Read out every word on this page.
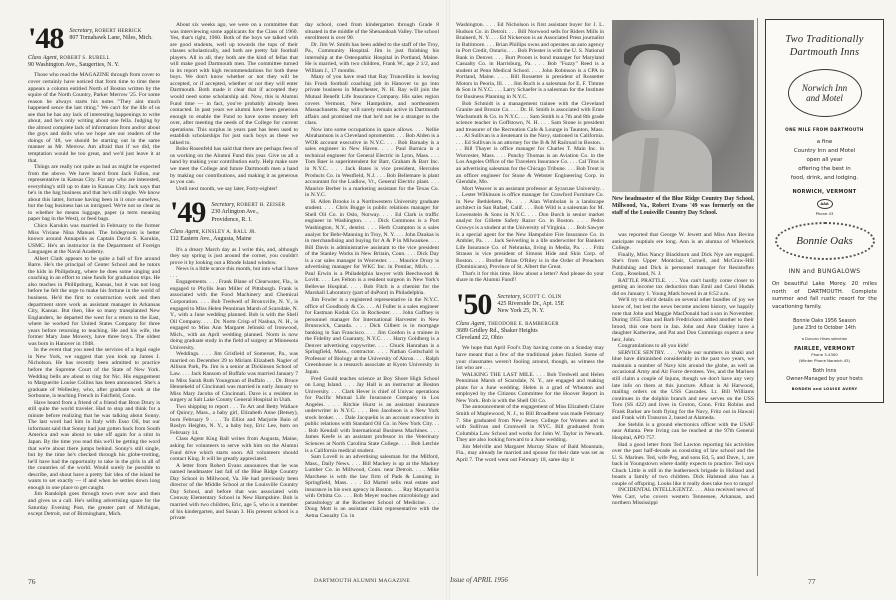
'48 Secretary, ROBERT HERRICK
807 Tomahawk Lane, Niles, Mich.
Class Agent, ROBERT S. RUBELL
90 Washington Ave., Saugerties, N. Y.

Those who read the MAGAZINE through from cover to cover certainly have noticed that from time to time there appears a column entitled North of Boston written by the squire of the North Country, Parker Merrow '25. For some reason he always starts his notes "They aint much happened sence the last riting." We can't for the life of us see that he has any lack of interesting happenings to write about, and he's only writing about one fella. Judging by the almost complete lack of information from and/or about the guys and dolls who we hope are our readers of the doings of '48, we should be starting out in the same manner as Mr. Merrow. Am afraid that if we did, the temptation would be too great, and we'd just leave it at that.

Things are really not quite as bad as might be expected from the above. We have heard from Jack Fallon, our representative in Kansas City. For any who are interested, everything's still up to date in Kansas City. Jack says that he's in the bag business and that he's still single. We know about this latter, fortune having been in it once ourselves, but the bag business has us intrigued. We're not so clear as to whether he means luggage, paper (a term meaning paper bag in the West), or feed bags.

Chico Karukin was married in February to the former Miss Viviane Nina Manuel. The bridegroom is better known around Annapolis as Captain David S. Karukin, USMC. He's an instructor in the Department of Foreign Languages at the Naval Academy.

Albert Clark appears to be quite a ball of fire around Barre. He's the principal of Center School and he tutors the kids in Philipsburg, where he does some singing and coaching in an effort to raise funds for graduation trips. He also teaches in Phillipsburg, Kansas, but it was not long before he felt the urge to make his fortune in the world of business. He'd the first to construction work and then department store work as assistant manager in Arkansas City, Kansas. But then, like so many transplanted New Englanders, he departed the west for a return to the East, where he worked for United States Company for three years before returning to teaching. He and his wife, the former Mary Jane Mowery, have three boys. The oldest was born in Hanover in 1948.

In the event that you need the services of a legal eagle in New York, we suggest that you look up James J. Nicholson. He has recently been admitted to practice before the Supreme Court of the State of New York. Wedding bells are about to ring for Nic. His engagement to Marguerite Louise Collins has been announced. She's a graduate of Wellesley, who, after graduate work at the Sorbonne, is teaching French in Fairfield, Conn.

Have heard from a friend of a friend that Bron Drury is still quite the world traveler. Had to stop and think for a minute before realizing that he was talking about Sonny. The last word had him in Italy with Esso Oil, but our informant said that Sonny had just gotten back from South America and was about to take off again for a stint in Japan. By the time you read this we'll be getting the word that we're about there jumps behind. Sonny's still single, but by the time he's checked through his globe-trotting, he'll have had the opportunity to take in the girls in all of the countries of the world. Would surely be possible to describe, and shout have a pretty fair idea of the island he wants to set exactly — if and when he settles down long enough in one place to get caught.

Jim Randolph goes through town ever now and then and gives us a call. He's selling advertising space for the Saturday Evening Post, the greater part of Michigan, except Detroit, out of Birmingham, Mich.

About six weeks ago, we were on a committee that was interviewing some applicants for the Class of 1960. Yes, that's right, 1960. Both of the boys we talked with are good students, well up towards the tops of their classes scholastically, and both are pretty fair football players. All in all, they both are the kind of fellas that will make good Dartmouth men. The committee turned in its report with high recommendations for both these boys. We don't know whether or not they will be accepted, or if accepted, whether or not they will enter Dartmouth. Both made it clear that if accepted they would need some scholarship aid. Now, this is Alumni Fund time — in fact, you've probably already been contacted. In past years we alumni have been generous enough to enable the Fund to have some money left over, after meeting the needs of the College for current operations. This surplus in years past has been used to establish scholarships for just such boys as these we talked to.

Bobo Rosenfeld has said that there are perhaps fees of us working on the Alumni Fund this year. Give us all a hand by making your contribution early. Help make sure we meet the College and future Dartmouth men a hand by making our contributions, and making it as generous as you can.

Until next month, we say later, Forty-eighter!

'49 Secretary, ROBERT H. ZEISER
230 Arlington Ave.,
Providence, R. I.
Class Agent, KINSLEY A. BALL JR.
112 Eastern Ave., Augusta, Maine

It's a dreary March day as I write this, and, although they say spring is just around the corner, you couldn't prove it by looking out a Rhode Island window.

News is a little scarce this month, but into what I have . . .

Engagements. . . . Frank Blane of Clearwater, Fla., is engaged to Phyllis Jean Miller of Pittsburgh. Frank is associated with the Food Machinery and Chemical Corporation. . . . Bob Tredwell of Bronxville, N. Y., is engaged to Miss Helen Penniman Marsh of Scarsdale, N. Y., with a June wedding planned. Bob is with the Shell Oil Company. . . . Dr. Norm Crisp of Nashua, N. H., is engaged to Miss Ann Margaret Jelinski of Ironwood, Mich., with an April wedding planned. Norm is now doing graduate study in the field of surgery at Minnesota University.

Weddings. . . . Jim Grisfield of Somerset, Pa., was married on December 29 to Miriam Elizabeth Nagler of Allison Park, Pa. Jim is a senior at Dickinson School of Law. . . . Jack Ransom of Buffalo was married January 7 to Miss Sarah Ruth Youngman of Buffalo . . . Dr. Bruce Hennekeld of Cincinnati was married in early January to Miss Mary Jacoba of Cincinnati. Dave is a resident in surgery at Salt Lake County General Hospital in Utah.

Two shipping to report . . . To Art and Betty Wallace of Quincy, Mass., a baby girl, Elizabeth Anne (Betsey), born February 9 . . . To Elliot and Marjorie Bain of Roslyn Heights, N. Y., a baby boy, Eric Lee, born on February 14.

Class Agent King Ball writes from Augusta, Maine, asking for volunteers to serve with him on the Alumni Fund drive which starts soon. All volunteers should contact King. It will be greatly appreciated.

A letter from Robert Evans announces that he was named headmaster last fall of the Blue Ridge Country Day School in Millwood, Va. He had previously been director of the Middle School at the Louisville Country Day School, and before that was associated with Conway Elementary School in New Hampshire. Bob is married with two children, Eric, age 5, who is a member of his kindergarten, and Susan 3. His present school is a private

day school, coed from kindergarten through Grade 8 situated in the middle of the Shenandoah Valley. The school enrollment is over 90.

Dr. Jim W. Smith has been added to the staff of the Troy, Pa., Community Hospital. Jim is just finishing his internship at the Osteopathic Hospital in Portland, Maine. He is married, with two children, Frank W., age 2 1/2, and William J., 17 months.

Many of you have read that Ray Truncellito is leaving his Frosh football coaching job in Hanover to go into private business in Manchester, N. H. Ray will join the Mutual Benefit Life Insurance Company. His sales region covers Vermont, New Hampshire, and northeastern Massachusetts. Ray will surely remain active in Dartmouth affairs and promised me that he'd not be a stranger to the class.

Now into some occupations in space allows. . . . Nellie Abrahamson is a Cleveland optometrist. . . . Bob Alden is a WOR account executive in N.Y.C. . . . Bob Barnaby is a sales engineer in New Haven. . . . Paul Barnica is a technical engineer for General Electric in Lynn, Mass. . . . Tom Baer is superintendent for Barr, Graham & Barr Inc. in N.Y.C. . . . Jack Bates is vice president, Hercules Products Co. in Westfield, N.J. . . . Bob Bellemare is plant accountant for the Ludlow, Vt., General Electric plant. . . . Maurice Berber is a marketing assistant for the Texas Co. in N.Y.C.

H. Allen Brooks is a Northwestern University graduate student. . . . Chris Bugge is public relations manager for Shell Oil Co. in Oslo, Norway. . . . Ed Clark is traffic engineer in Washington. . . . Dick Commons is a Port Washington, N.Y., dentist. . . . Herb Crampton is a sales analyst for Behr-Manning in Troy, N. Y. . . . John Daukas is in merchandising and buying for A & P in Milwaukee. . . . Bill Davis is administrative assistant to the vice president of the Stanley Works in New Britain, Conn. . . . Dick Day is a car sales manager in Worcester. . . . Maurice Drury is advertising manager for WKC Inc. in Pontiac, Mich. . . . Paul Erwin is a Philadelphia lawyer with Beechwood & Lovitt. . . . Les Felton is a resident surgeon in New York's Bellevue Hospital. . . . Bob Fitch is a chemist for the Marshall Laboratory (part of duPont) in Philadelphia.

Jim Fowler is a registered representative in the N.Y.C. office of Goodbody & Co. . . . Al Fuller is a sales engineer for Eastman Kodak Co. in Rochester. . . . John Gaffney is personnel manager for International Harvester in New Brunswick, Canada. . . . Dick Gilbert is in mortgage banking in San Francisco. . . . Jim Gordon is a trainee in the Fidelity and Guaranty, N.Y.C. . . . Harry Goldberg is a Denver advertising copywriter. . . . Chuck Hanrahan is a Springfield, Mass., contractor. . . . Nathan Gottschald is Professor of Biology at the University of Akron. . . . Ralph Greenhouse is a research associate at Kyoto University in Japan.

Fred Gould teaches science at Boy Shore High School on Long Island. . . . Jay Hall is an instructor at Boston University. . . . Clark Hever is chief of Univac operations for Pacific Mutual Life Insurance Company in Los Angeles. . . . Ritchie Hurst is an assistant insurance underwriter in N.Y.C. . . . Ben Jacobson is a New York stock broker. . . . Dale Jacquelin is an account executive in public relations with Standard Oil Co. in New York City. . . . Bob Kendall with International Business Machines. . . . James Keefe is an assistant professor in the Veterinary Sciences at North Carolina State College. . . . Bob Letchie is a California medical student.

Sam Lovell is an advertising salesman for the Milford, Mass., Daily News. . . . Bill Mackey is up at the Mackey Lumber Co. in Millwood, Conn. near Detroit. . . . Mike Marchese is with the law firm of Pads & Lanning in Springfield, Mass. . . . Ed Martel sells real estate and insurance in his own agency in Boston. . . . Ray Maynard is with Orbitta Co. . . . Bob Meyer teaches microbiology and parasitology at the Rochester School of Medicine. . . . Doug Mott is an assistant claim representative with the Aetna Casualty Co. in

76	DARTMOUTH ALUMNI MAGAZINE

Washington. . . . Ed Nicholson is first assistant buyer for J. L. Hudson Co. in Detroit. . . . Bill Norwood sells for Riders Mills in Brainerd, N. Y. . . . Ed Nickerson is an Associated Press journalist in Baltimore. . . . Brian Phillips owns and operates an auto agency in Port Credit, Ontario. . . . Bob Priester is with the U. S. National Bank in Denver. . . . Burt Proom is bond manager for Maryland Casualty Co. in Harrisburg, Pa. . . . Bob "Fuzzy" Reed is a student at Penn Medical School. . . . John Robinson is a CPA in Portland, Maine. . . . Bill Rossetter is president of Rossetter Motors in Peoria, Ill. . . . Jim Ruch is a salesman for E. F. Timme & Son in N.Y.C. . . . Larry Schaefer is a salesman for the Institute for Business Planning in N.Y.C.

Bob Schmidt is a management trainee with the Cleveland Granite and Bronze Co. . . . Dr. H. Smith is associated with Ernst Wachsmuth & Co. in N.Y.C. . . . Sam Smith is a 7th and 8th grade science teacher in Goffstown, N. H. . . . Sam Stone is president and treasurer of the Recreation Cafe & Lounge in Taunton, Mass. . . . Al Sullivan is a lieutenant in the Navy, stationed in California. . . . Ed Sullivan is an attorney for the B & M Railroad in Boston. . . . Bill Thayer is office manager for Charles T. Main Inc. in Worcester, Mass. . . . Puncky Thomas is an Aviation Co. in the Los Angeles Office of the Travelers Insurance Co. . . . Cal Titus is an advertising salesman for the Chicago Tribune. . . . Bob Trent is an officer engineer for Stone & Webster Engineering Corp. in Glendale, Mo.

Mort Weaver is an assistant professor at Syracuse University. . . . Lester Wilkinson is office manager for Crawford Furniture Co. in New Bethlehem, Pa. . . . Alan Wimbolan is a landscape architect in San Rafael, Calif. . . . Bob Wild is a salesman for M. Lowenstein & Sons in N.Y.C. . . . Don Burch is senior market analyst for Gillette Safety Razor Co. in Boston. . . . Pedro Gruwys is a student at the University of Virginia. . . . Bob Sawyer is a special agent for the New Hampshire Fire Insurance Co. in Ambler, Pa. . . . Jack Seiverling is a life underwriter for Bankers Life Insurance Co. of Nebraska, living in Media, Pa. . . . Fritz Strauss is vice president of Simons Hide and Skin Corp. of Boston. . . . Brother Brian O'Riley is in the Order of Preachers (Dominicans), Province of St. Albert the Great.

That's it for this time. How about a letter? And please do your share in the Alumni Fund!!

'50 Secretary, SCOTT C. OLIN
425 Riverside Dr., Apt. 15E
New York 25, N. Y.
Class Agent, THEODORE E. BAMBERGER
3689 Gridley Rd., Shaker Heights
Cleveland 22, Ohio

We hope that April Fool's Day having come on a Sunday may have meant that a few of the traditional jokes fizzled. Some of your classmates weren't fooling around, though, as witness the list who are . . .

WALKING THE LAST MILE. . . . Bob Tredwell and Helen Penniman Marsh of Scarsdale, N. Y., are engaged and making plans for a June wedding. Helen is a grad of Wheaton and employed by the Citizens Committee for the Hoover Report in New York. Bob is with the Shell Oil Co.

The announcement of the engagement of Miss Elizabeth Claire Smith of Maplewood, N. J., to Bill Broadbent was made February 7. She graduated from New Jersey College for Women and is with Sullivan and Cromwell in NYC. Bill graduated from Columbia Law School and works for John W. Taylor in Newark. They are also looking forward to a June wedding.

Jim Melville and Margaret Murray Shaw of Bald Mountain, Fla., may already be married and spouse for their date was set as April 7. The word went out February 18, same day it

New headmaster of the Blue Ridge Country Day School, Millwood, Va., Robert Evans '49 was formerly on the staff of the Louisville Country Day School.

was reported that George W. Jewett and Miss Ann Bevins anticipate nuptials ere long. Ann is an alumna of Wheelock College.

Finally, Miss Nancy Blackburn and Dick Nye are engaged. She's from Upper Montclair, Cornell, and McGraw-Hill Publishing and Dick is personnel manager for Resistoflex Corp., Roseland, N. J.

RATTLE PRATTLE. . . . You can't hardly come closer to getting an income tax deduction than Emil and Carol Hudak did on January 1. Young Mark bowed in at 6:52 a.m.

We'll try to elicit details on several other bundles of joy we know of, but lest the news become ancient history, we happily note that John and Maggie MacDonald had a son in November. During 1955 Stan and Barb Fredrickson added another to their brood, this one born in Jan. John and Ann Oakley have a daughter Katherine, and Pat and Don Cummings expect a new heir, John.

Congratulations to all you kids!

SERVICE SENTRY. . . . While our numbers in khaki and blue have diminished considerably in the past two years, we maintain a number of Navy kits around the globe, as well as occasional Army and Air Force devotees. Yes, and the Marines still claim a couple of Injuns, though we don't have any very late info on them at this juncture. Afloat is Al Harwood, mailing orders on the USS Cascades. Lt. Bill Williams continues in the dolphin branch and new serves on the USS Toro (SS 422) and lives in Groton, Conn. Fritz Robins and Frank Barker are both flying for the Navy, Fritz out in Hawaii and Frank with Transron 2, based at Alameda.

Joe Stehlin is a ground electronics officer with the USAF near Atlanta. Pete Irving can be reached at the 97th General Hospital, APO 757.

Had a good letter from Ted Lawton reporting his activities over the past half-decade as consisting of law school and the U. S. Marines. Ted, wife Peg, and sons Ed, 5, and Dave, 1, are back in Youngstown where daddy expects to practice. Ted says Chuck Little is still in the leatherneck brigade in Holland and boasts a family of two children. Dick Halstead also has a couple of offspring. Looks like it really does take two to tango!

INCIDENTAL INTELLIGENTZ. . . . Also received news of Wes Carr, who covers western Tennessee, Arkansas, and northern Mississippi

Two Traditionally
Dartmouth Inns
Norwich Inn
and Motel
ONE MILE FROM DARTMOUTH
a fine
Country Inn and Motel
open all year
offering the best in
food, drink, and lodging.
NORWICH, VERMONT
AAA
Phone 43
Bonnie Oaks
INN and BUNGALOWS
On beautiful Lake Morey. 20 miles north of DARTMOUTH. Complete summer and fall rustic resort for the vacationing family.
Bonnie Oaks 1956 Season
June 23rd to October 14th
a Duncan Hines selection
FAIRLEE, VERMONT
Phone 3-4300
(Winter Phone Norwich 43)
Both Inns
Owner-Managed by your hosts
BORDEN and LOUISE AVERY
Issue of APRIL 1956	77
